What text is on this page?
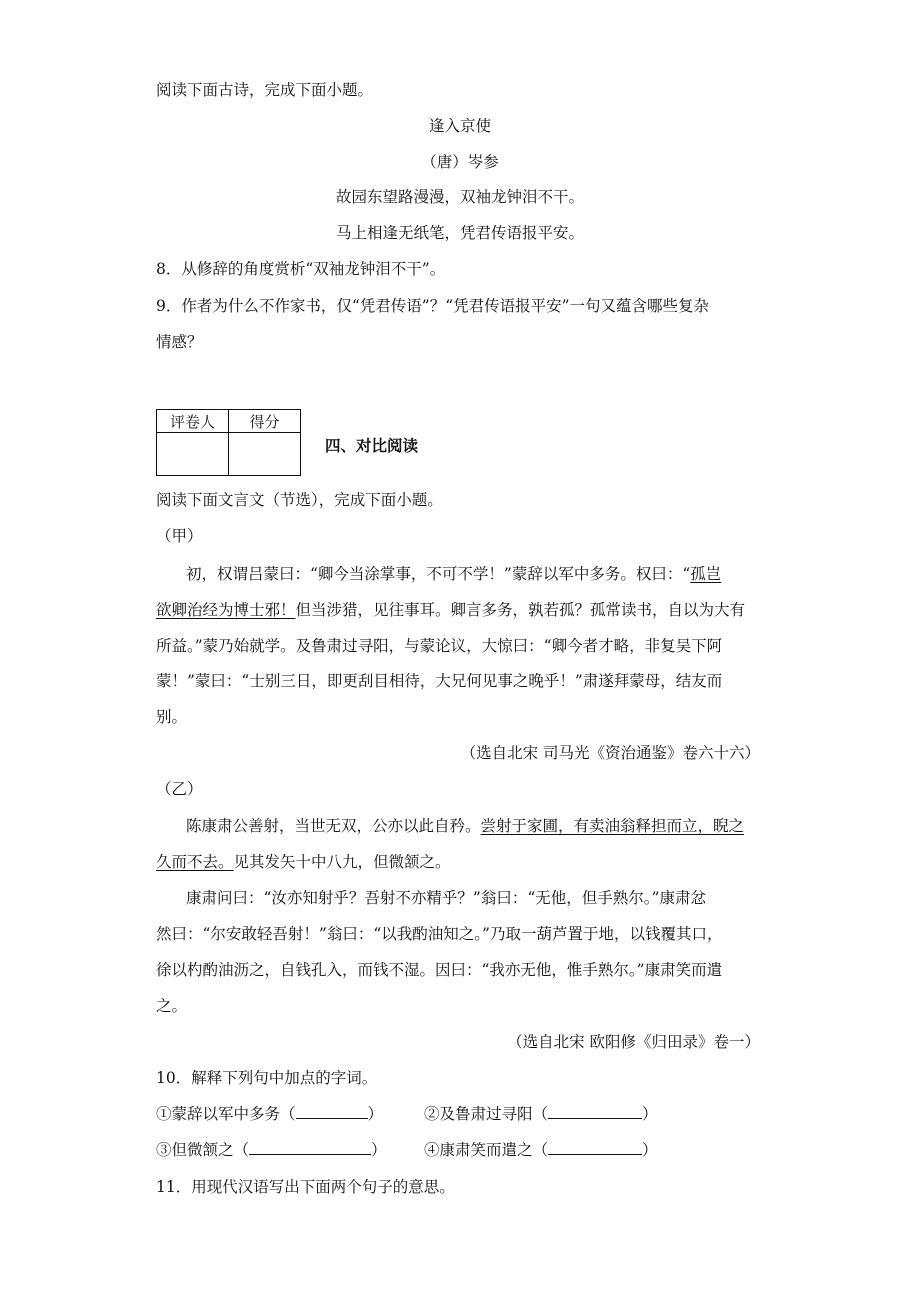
阅读下面古诗，完成下面小题。
逢入京使
（唐）岑参
故园东望路漫漫，双袖龙钟泪不干。
马上相逢无纸笔，凭君传语报平安。
8．从修辞的角度赏析“双袖龙钟泪不干”。
9．作者为什么不作家书，仅“凭君传语”？“凭君传语报平安”一句又蕴含哪些复杂
情感？
评卷人	得分

四、对比阅读
阅读下面文言文（节选），完成下面小题。
（甲）
初，权谓吕蒙曰：“卿今当涂掌事，不可不学！”蒙辞以军中多务。权曰：“孤岂
欲卿治经为博士邪！但当涉猎，见往事耳。卿言多务，孰若孤？孤常读书，自以为大有
所益。”蒙乃始就学。及鲁肃过寻阳，与蒙论议，大惊曰：“卿今者才略，非复吴下阿
蒙！”蒙曰：“士别三日，即更刮目相待，大兄何见事之晚乎！”肃遂拜蒙母，结友而
别。
（选自北宋 司马光《资治通鉴》卷六十六）
（乙）
陈康肃公善射，当世无双，公亦以此自矜。尝射于家圃，有卖油翁释担而立，睨之
久而不去。见其发矢十中八九，但微颔之。
康肃问曰：“汝亦知射乎？吾射不亦精乎？”翁曰：“无他，但手熟尔。”康肃忿
然曰：“尔安敢轻吾射！”翁曰：“以我酌油知之。”乃取一葫芦置于地，以钱覆其口，
徐以杓酌油沥之，自钱孔入，而钱不湿。因曰：“我亦无他，惟手熟尔。”康肃笑而遣
之。
（选自北宋 欧阳修《归田录》卷一）
10．解释下列句中加点的字词。
①蒙辞以军中多务（	）	②及鲁肃过寻阳（	）
③但微颔之（	） ④康肃笑而遣之（	）
11．用现代汉语写出下面两个句子的意思。
